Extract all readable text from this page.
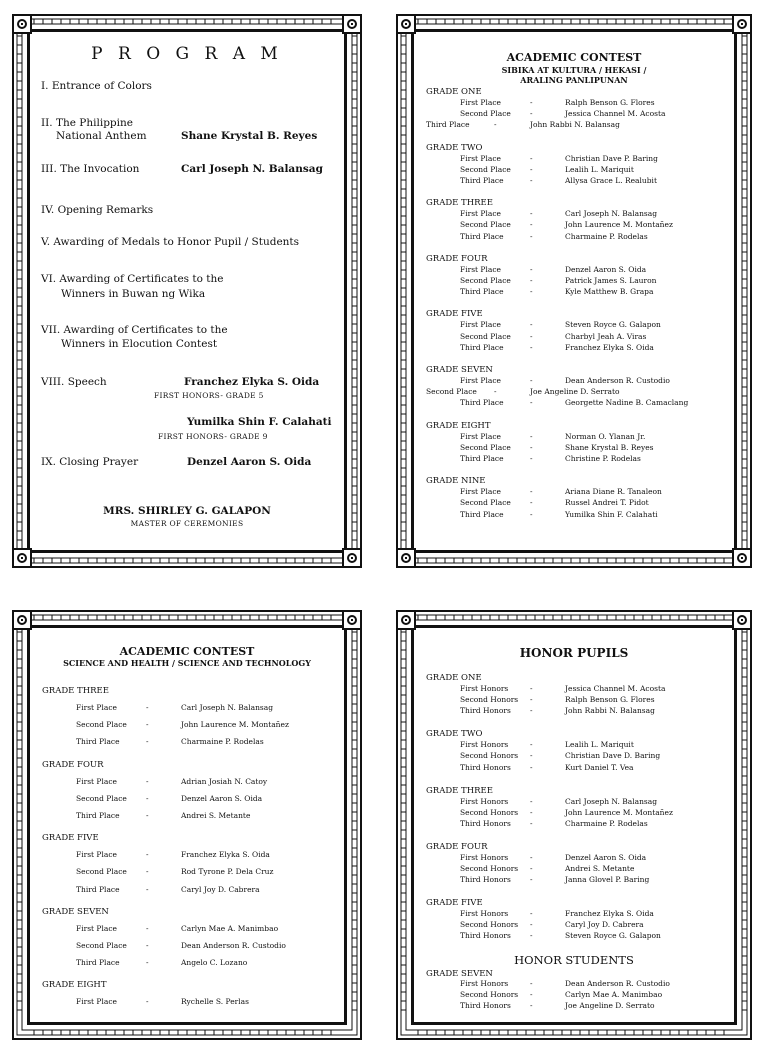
P R O G R A M
I. Entrance of Colors
II. The Philippine
National Anthem	Shane Krystal B. Reyes
III. The Invocation	Carl Joseph N. Balansag
IV. Opening Remarks
V. Awarding of Medals to Honor Pupil / Students
VI. Awarding of Certificates to the
Winners in Buwan ng Wika
VII. Awarding of Certificates to the
Winners in Elocution Contest
VIII. Speech	Franchez Elyka S. Oida
FIRST HONORS- GRADE 5
Yumilka Shin F. Calahati
FIRST HONORS- GRADE 9
IX. Closing Prayer	Denzel Aaron S. Oida
MRS. SHIRLEY G. GALAPON
MASTER OF CEREMONIES
ACADEMIC CONTEST
SIBIKA AT KULTURA / HEKASI /
ARALING PANLIPUNAN
GRADE ONE
First Place	-	Ralph Benson G. Flores
Second Place	-	Jessica Channel M. Acosta
Third Place	-	John Rabbi N. Balansag
GRADE TWO
First Place	-	Christian Dave P. Baring
Second Place	-	Lealih L. Mariquit
Third Place	-	Allysa Grace L. Realubit
GRADE THREE
First Place	-	Carl Joseph N. Balansag
Second Place	-	John Laurence M. Montañez
Third Place	-	Charmaine P. Rodelas
GRADE FOUR
First Place	-	Denzel Aaron S. Oida
Second Place	-	Patrick James S. Lauron
Third Place	-	Kyle Matthew B. Grapa
GRADE FIVE
First Place	-	Steven Royce G. Galapon
Second Place	-	Charbyl Jeah A. Viras
Third Place	-	Franchez Elyka S. Oida
GRADE SEVEN
First Place	-	Dean Anderson R. Custodio
Second Place -	Joe Angeline D. Serrato
Third Place	-	Georgette Nadine B. Camaclang
GRADE EIGHT
First Place	-	Norman O. Ylanan Jr.
Second Place	-	Shane Krystal B. Reyes
Third Place	-	Christine P. Rodelas
GRADE NINE
First Place	-	Ariana Diane R. Tanaleon
Second Place	-	Russel Andrei T. Pidot
Third Place	-	Yumilka Shin F. Calahati
ACADEMIC CONTEST
SCIENCE AND HEALTH / SCIENCE AND TECHNOLOGY
GRADE THREE
First Place	-	Carl Joseph N. Balansag
Second Place	-	John Laurence M. Montañez
Third Place	-	Charmaine P. Rodelas
GRADE FOUR
First Place	-	Adrian Josiah N. Catoy
Second Place	-	Denzel Aaron S. Oida
Third Place	-	Andrei S. Metante
GRADE FIVE
First Place	-	Franchez Elyka S. Oida
Second Place	-	Rod Tyrone P. Dela Cruz
Third Place	-	Caryl Joy D. Cabrera
GRADE SEVEN
First Place	-	Carlyn Mae A. Manimbao
Second Place	-	Dean Anderson R. Custodio
Third Place	-	Angelo C. Lozano
GRADE EIGHT
First Place	-	Rychelle S. Perlas
HONOR PUPILS
GRADE ONE
First Honors	-	Jessica Channel M. Acosta
Second Honors -	Ralph Benson G. Flores
Third Honors	-	John Rabbi N. Balansag
GRADE TWO
First Honors	-	Lealih L. Mariquit
Second Honors -	Christian Dave D. Baring
Third Honors	-	Kurt Daniel T. Vea
GRADE THREE
First Honors	-	Carl Joseph N. Balansag
Second Honors -	John Laurence M. Montañez
Third Honors	-	Charmaine P. Rodelas
GRADE FOUR
First Honors	-	Denzel Aaron S. Oida
Second Honors -	Andrei S. Metante
Third Honors	-	Janna Glovel P. Baring
GRADE FIVE
First Honors	-	Franchez Elyka S. Oida
Second Honors -	Caryl Joy D. Cabrera
Third Honors	-	Steven Royce G. Galapon
HONOR STUDENTS
GRADE SEVEN
First Honors	-	Dean Anderson R. Custodio
Second Honors -	Carlyn Mae A. Manimbao
Third Honors	-	Joe Angeline D. Serrato
